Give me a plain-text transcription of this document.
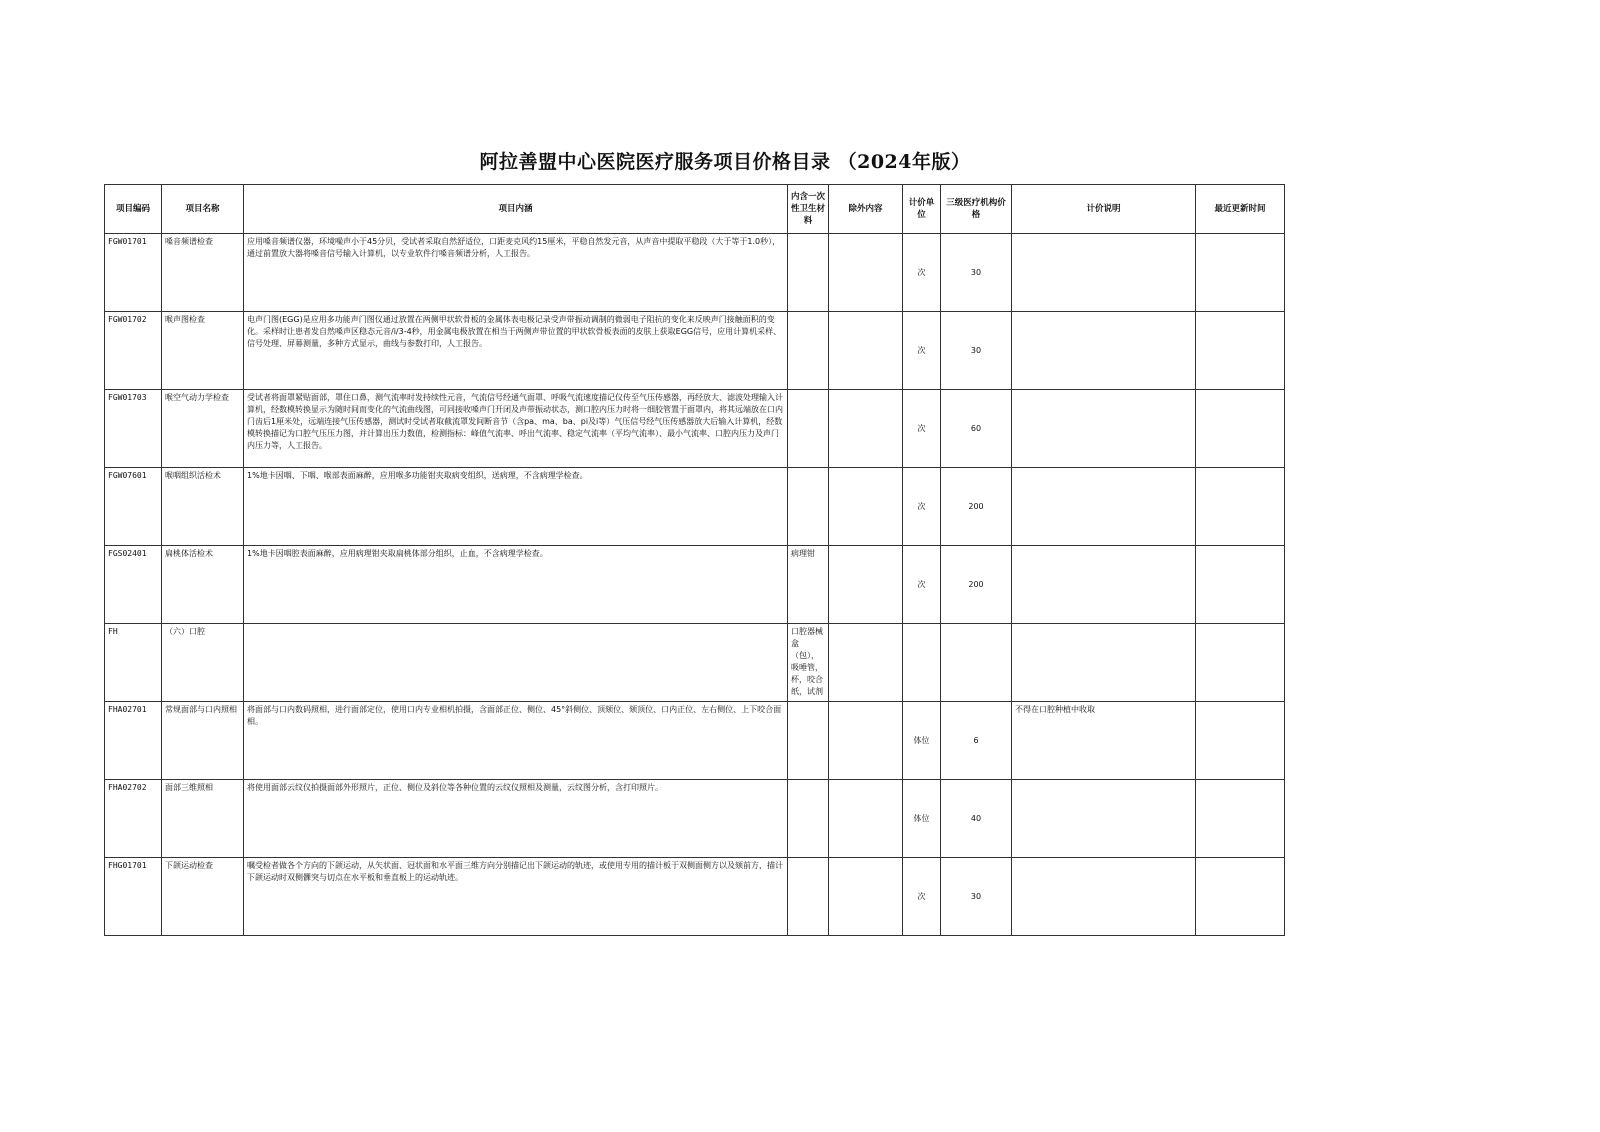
阿拉善盟中心医院医疗服务项目价格目录 （2024年版）
项目编码	项目名称	项目内涵	内含一次性卫生材料	除外内容	计价单位	三级医疗机构价格	计价说明	最近更新时间
FGW01701	嗓音频谱检查	应用嗓音频谱仪器，环境噪声小于45分贝，受试者采取自然舒适位，口距麦克风约15厘米，平稳自然发元音，从声音中提取平稳段（大于等于1.0秒），通过前置放大器将嗓音信号输入计算机，以专业软件行嗓音频谱分析，人工报告。			次	30		
FGW01702	喉声图检查	电声门图(EGG)是应用多功能声门图仪通过放置在两侧甲状软骨板的金属体表电极记录受声带振动调制的微弱电子阻抗的变化来反映声门接触面积的变化。采样时让患者发自然嗓声区稳态元音/i/3-4秒，用金属电极放置在相当于两侧声带位置的甲状软骨板表面的皮肤上获取EGG信号，应用计算机采样、信号处理、屏幕测量，多种方式显示，曲线与参数打印，人工报告。			次	30		
FGW01703	喉空气动力学检查	受试者将面罩紧贴面部，罩住口鼻，测气流率时发持续性元音，气流信号经通气面罩、呼吸气流速度描记仪传至气压传感器，再经放大、滤波处理输入计算机，经数模转换显示为随时间而变化的气流曲线图，可同接收嗓声门开闭及声带振动状态，测口腔内压力时将一细胶管置于面罩内，将其远端放在口内门齿后1厘米处，远端连接气压传感器，测试时受试者取截流罩发间断音节（含pa、ma、ba、pi及i等）气压信号经气压传感器放大后输入计算机，经数模转换描记为口腔气压压力图，并计算出压力数值，检测指标：峰值气流率、呼出气流率、稳定气流率（平均气流率）、最小气流率、口腔内压力及声门内压力等，人工报告。			次	60		
FGW07601	喉咽组织活检术	1%地卡因咽、下咽、喉部表面麻醉，应用喉多功能钳夹取病变组织，送病理，不含病理学检查。			次	200		
FGS02401	扁桃体活检术	1%地卡因咽腔表面麻醉，应用病理钳夹取扁桃体部分组织，止血，不含病理学检查。	病理钳		次	200		
FH	（六）口腔		口腔器械盒（包），吸唾管，杯，咬合纸，试剂					
FHA02701	常规面部与口内照相	将面部与口内数码照相，进行面部定位，使用口内专业相机拍摄，含面部正位、侧位、45°斜侧位、顶颏位、颏顶位、口内正位、左右侧位、上下咬合面相。			体位	6	不得在口腔种植中收取	
FHA02702	面部三维照相	将使用面部云纹仪拍摄面部外形照片，正位、侧位及斜位等各种位置的云纹仪照相及测量，云纹图分析，含打印照片。			体位	40		
FHG01701	下颌运动检查	嘱受检者做各个方向的下颌运动，从矢状面、冠状面和水平面三维方向分别描记出下颌运动的轨迹，或使用专用的描计板于双侧面侧方以及颏前方，描计下颌运动时双侧髁突与切点在水平板和垂直板上的运动轨迹。			次	30		
